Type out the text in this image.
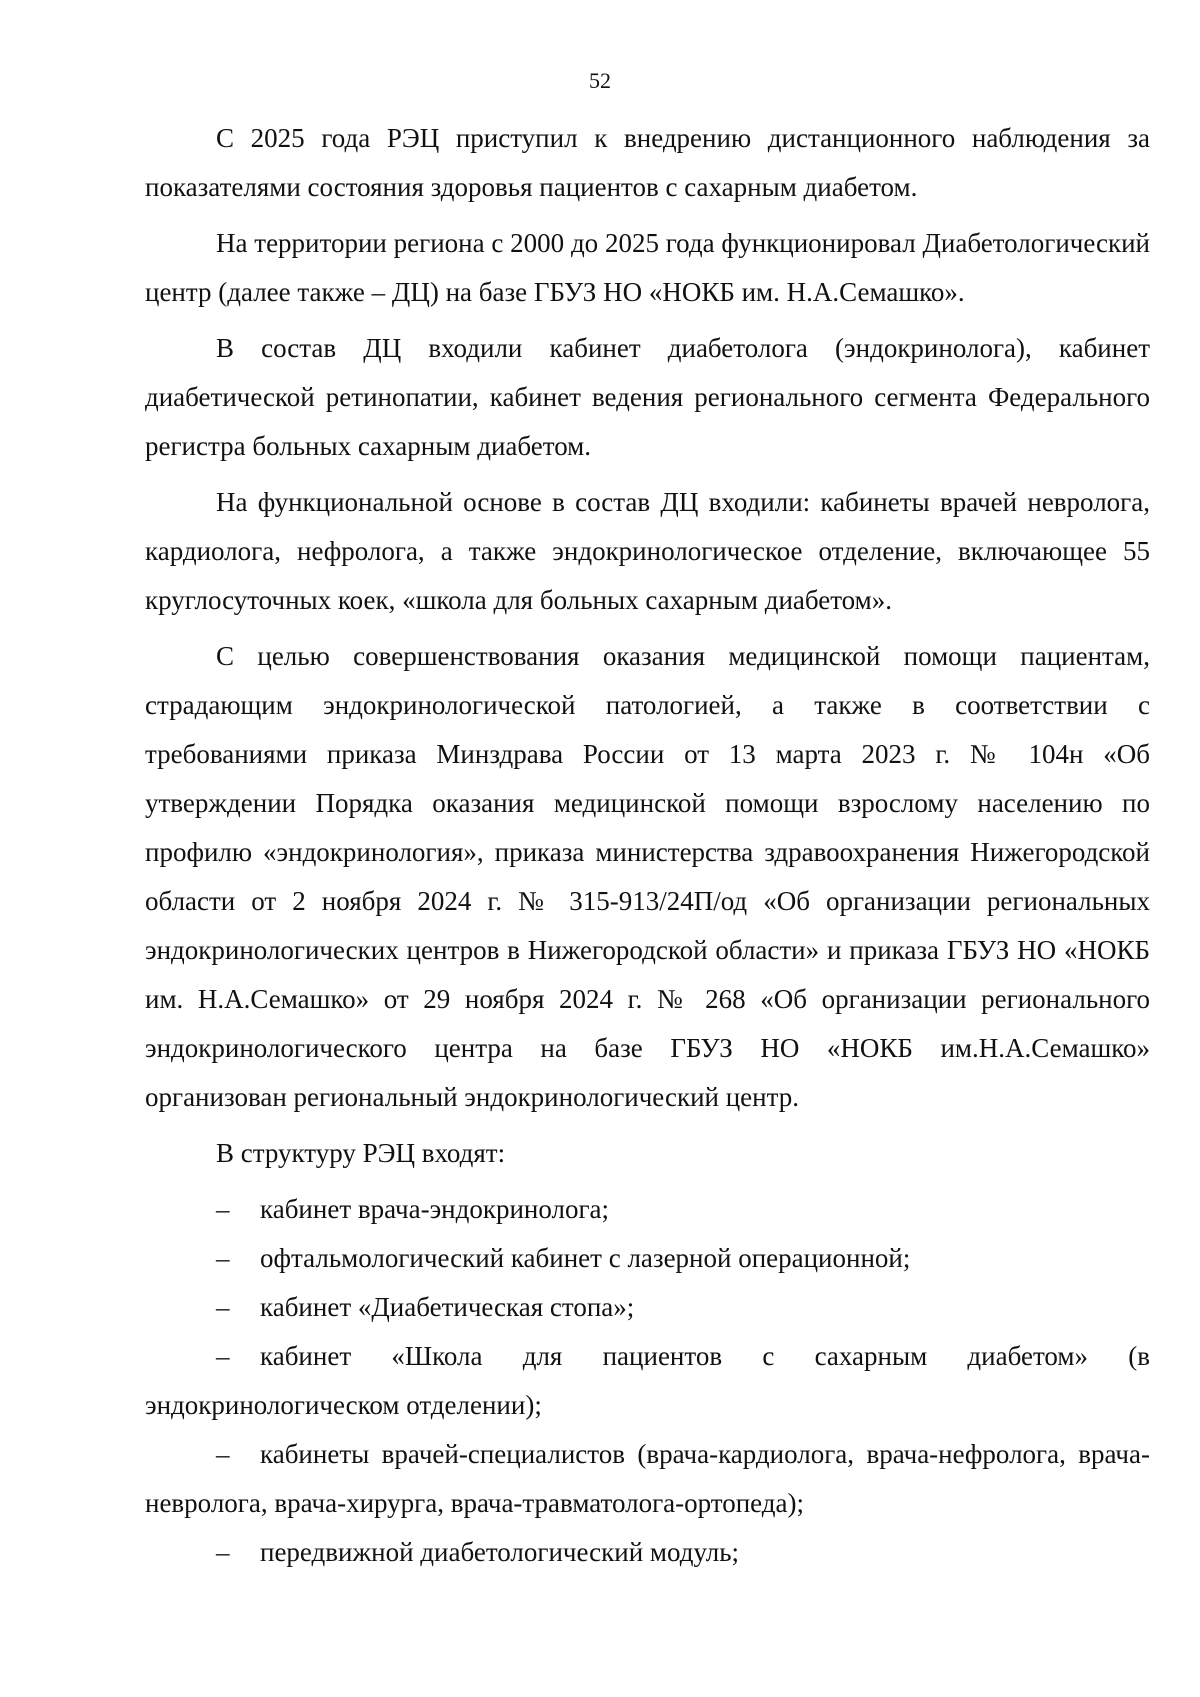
52

С 2025 года РЭЦ приступил к внедрению дистанционного наблюдения за показателями состояния здоровья пациентов с сахарным диабетом.

На территории региона с 2000 до 2025 года функционировал Диабетологический центр (далее также – ДЦ) на базе ГБУЗ НО «НОКБ им. Н.А.Семашко».

В состав ДЦ входили кабинет диабетолога (эндокринолога), кабинет диабетической ретинопатии, кабинет ведения регионального сегмента Федерального регистра больных сахарным диабетом.

На функциональной основе в состав ДЦ входили: кабинеты врачей невролога, кардиолога, нефролога, а также эндокринологическое отделение, включающее 55 круглосуточных коек, «школа для больных сахарным диабетом».

С целью совершенствования оказания медицинской помощи пациентам, страдающим эндокринологической патологией, а также в соответствии с требованиями приказа Минздрава России от 13 марта 2023 г. № 104н «Об утверждении Порядка оказания медицинской помощи взрослому населению по профилю «эндокринология», приказа министерства здравоохранения Нижегородской области от 2 ноября 2024 г. № 315-913/24П/од «Об организации региональных эндокринологических центров в Нижегородской области» и приказа ГБУЗ НО «НОКБ им. Н.А.Семашко» от 29 ноября 2024 г. № 268 «Об организации регионального эндокринологического центра на базе ГБУЗ НО «НОКБ им.Н.А.Семашко» организован региональный эндокринологический центр.

В структуру РЭЦ входят:

– кабинет врача-эндокринолога;
– офтальмологический кабинет с лазерной операционной;
– кабинет «Диабетическая стопа»;
– кабинет «Школа для пациентов с сахарным диабетом» (в эндокринологическом отделении);
– кабинеты врачей-специалистов (врача-кардиолога, врача-нефролога, врача-невролога, врача-хирурга, врача-травматолога-ортопеда);
– передвижной диабетологический модуль;
